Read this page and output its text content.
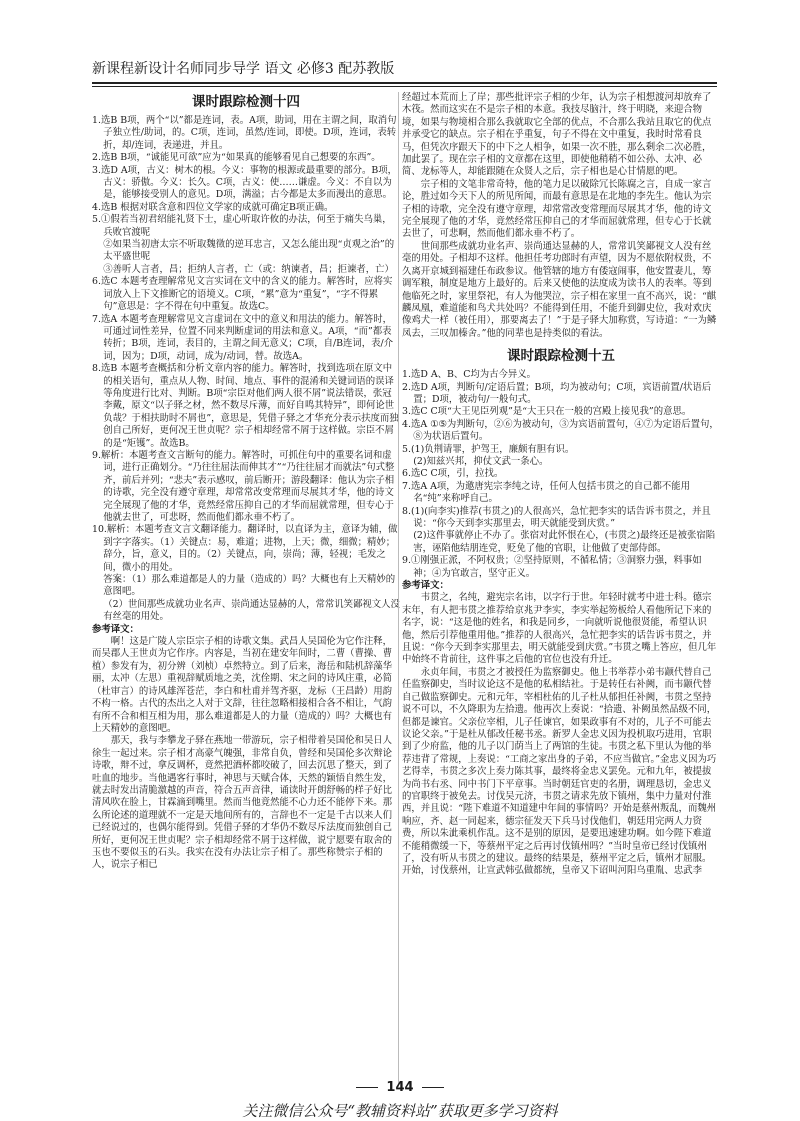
新课程新设计名师同步导学 语文 必修3 配苏教版
课时跟踪检测十四

1.选B B项，两个“以”都是连词，表。A项，助词，用在主谓之间，取消句子独立性/助词，的。C项，连词，虽然/连词，即使。D项，连词，表转折，却/连词，表递进，并且。

2.选B B项，“诚能见可欲”应为“如果真的能够看见自己想要的东西”。

3.选D A项，古义：树木的根。今义：事物的根源或最重要的部分。B项，古义：骄傲。今义：长久。C项，古义：使……谦虚。今义：不自以为是，能够接受别人的意见。D项，满溢；古今都是太多而漫出的意思。

4.选B 根据对联含意和四位文学家的成就可确定B项正确。

5.①假若当初君绍能礼贤下士，虚心听取许攸的办法，何至于痛失乌巢，兵败官渡呢

②如果当初唐太宗不听取魏徵的逆耳忠言，又怎么能出现“贞观之治”的太平盛世呢

③善听人言者，昌；拒纳人言者，亡（或：纳谏者，昌；拒谏者，亡）

6.选C 本题考查理解常见文言实词在文中的含义的能力。解答时，应将实词放入上下文推断它的语境义。C项，“累”意为“重复”，“字不得累句”意思是：字不得在句中重复。故选C。

7.选A 本题考查理解常见文言虚词在文中的意义和用法的能力。解答时，可通过词性差异，位置不同来判断虚词的用法和意义。A项，“而”都表转折；B项，连词，表目的，主谓之间无意义；C项，自/B连词，表/介词，因为；D项，动词，成为/动词，替。故选A。

8.选B 本题考查概括和分析文章内容的能力。解答时，找到选项在原文中的相关语句，重点从人物、时间、地点、事件的混淆和关键词语的误译等角度进行比对、判断。B项“宗臣对他们两人很不屑”说法错误，张冠李戴，原文“以子驿之材，然不数尽斥薄，而好自鸣其特异”，即何论世负哉？于相扶助时不屑也”，意思是，凭借子驿之才华充分表示扶度而独创自己所好，更何况王世贞呢？宗子相却经常不屑于这样做。宗臣不屑的是“矩镬”。故选B。

9.解析：本题考查文言断句的能力。解答时，可抓住句中的重要名词和虚词，进行正确划分。“乃往往屈法而伸其才”“乃往往屈才而就法”句式整齐，前后并列；“悲夫”表示感叹，前后断开；游段翻译：他认为宗子相的诗歌，完全没有遵守章理，却常常改变常理而尽展其才华，他的诗文完全展现了他的才华，竟然经常压抑自己的才华而屈就常理，但专心于他就去世了，可悲呀，然而他们都永垂不朽了。

10.解析：本题考查文言文翻译能力。翻译时，以直译为主，意译为辅，做到字字落实。（1）关键点：易，难道；进物，上天；微，细微；精妙；辞分，旨，意义，目的。（2）关键点，向，崇尚；薄，轻视；毛发之间，微小的用处。

答案：（1）那么难道都是人的力量（造成的）吗？大概也有上天精妙的意图吧。

（2）世间那些成就功业名声、崇尚通达显赫的人，常常讥笑鄙视文人没有丝毫的用处。

参考译文：

啊！这是广陵人宗臣宗子相的诗歌文集。武昌人吴国伦为它作注释，而吴郡人王世贞为它作序。内容是，当初在建安年间时，二曹（曹操、曹植）参发有为，初分辨（刘桢）卓然特立。到了后来，海岳和陆机辞藻华丽，太冲（左思）重视辞赋质地之美，沈佺期、宋之问的诗风庄重，必简（杜审言）的诗风雄浑苍茫，李白和杜甫并驾齐驱，龙标（王昌龄）用韵不构一格。古代的杰出之人对于文辞，往往忽略相接相合各不相让，气韵有所不合和相互相为用，那么难道都是人的力量（造成的）吗？大概也有上天精妙的意图吧。

那天，我与李攀龙子驿在燕地一带游玩，宗子相带着吴国伦和吴日人徐生一起过来。宗子相才高豪气魄强，非常自负，曾经和吴国伦多次辩论诗歌，辩不过，拿反调杯，竟然把酒杯都咬破了，回去沉思了整天，到了吐血的地步。当他遇客行事时，神思与天赋合体，天然的颖悟自然生发，就去时发出清脆激越的声音，符合五声音律，诵读时开朗舒畅的样子好比清风吹在脸上，甘霖滴到嘴里。然而当他竟然能不心力还不能停下来。那么所论述的道理就不一定是天地间所有的，言辞也不一定是千古以来人们已经说过的，也偶尔能得到。凭借子驿的才华仍不数尽斥法度而独创自己所好，更何况王世贞呢？宗子相却经常不屑于这样做，说宁愿要有取舍的玉也不要似玉的石头。我实在没有办法让宗子相了。那些称赞宗子相的人，说宗子相已

经超过本荒而上了岸；那些批评宗子相的少年，认为宗子相想渡河却放弃了木筏。然而这实在不是宗子相的本意。我技尽脑汁，终于明晓，来迎合物境，如果与物境相合那么我就取它全部的优点，不合那么我站且取它的优点并承受它的缺点。宗子相在乎重复，句子不得在文中重复，我时时常看良马，但凭次序跟天下的中下之人相争，如果一次不胜，那么剩余二次必胜，加此罢了。现在宗子相的文章都在这里，即使他稍稍不如公孙、太冲、必简、龙标等人，却能跟随在众贤人之后，宗子相也是心甘情愿的吧。

宗子相的文笔非常奇特，他的笔力足以破除冗长陈腐之言，自成一家言论，胜过如今天下人的所见所闻，而最有意思是在北地的李先生。他认为宗子相的诗歌，完全没有遵守章理，却常常改变常理而尽展其才华，他的诗文完全展现了他的才华，竟然经常压抑自己的才华而屈就常理，但专心于长就去世了，可悲啊，然而他们都永垂不朽了。

世间那些成就功业名声、崇尚通达显赫的人，常常讥笑鄙视文人没有丝毫的用处。子相却不这样。他担任考功郎时有声望，因为不愿依附权贵，不久离开京城到福建任布政参议。他管辖的地方有倭寇闹事，他安置妻儿，筹调军粮，制度是地方上最好的。后来又使他的法度成为读书人的表率。等到他临死之时，家里祭祀，有人为他哭泣，宗子相在家里一直不高兴，说：“麒麟凤凰，难道能和鸟犬共处吗？不能得到任用，不能升到御史位，我对欢庆像鸡犬一样（被任用），那要离去了！”于是子驿大加称赏，写诗道：“一为鳞凤去，三叹加榛舍。”他的同辈也是持类似的看法。

课时跟踪检测十五

1.选D A、B、C均为古今异义。

2.选D A项，判断句/定语后置；B项，均为被动句；C项，宾语前置/状语后置；D项，被动句/一般句式。

3.选C C项“大王见臣列观”是“大王只在一般的宫殿上接见我”的意思。

4.选A ①⑤为判断句，②⑥为被动句，③为宾语前置句，④⑦为定语后置句，⑧为状语后置句。

5.(1)负荆请罪，护驾王，廉颇有胆有识。

(2)知兹兴邦，抑仗文武一条心。

6.选C C项，引，拉找。

7.选A A项，为邀唐宪宗李纯之诗，任何人包括韦贯之的自己都不能用名“纯”来称呼自己。

8.(1)(向李实)推荐(韦贯之)的人很高兴，急忙把李实的话告诉韦贯之，并且说：“你今天到李实那里去，明天就能受到庆赏。”

(2)这件事就停止不办了。张宿对此怀恨在心，(韦贯之)最终还是被张宿陷害，诬陷他结朋连党，贬免了他的官职，让他做了吏部侍郎。

9.①刚强正派，不阿权贵；②坚持原则，不循私情；③洞察力强，料事如神；④为官敢言，坚守正义。

参考译文：

韦贯之，名纯，避宪宗名讳，以字行于世。年轻时就考中进士科。德宗末年，有人把韦贯之推荐给京兆尹李实，李实举起笏板给人看他所记下来的名字，说：“这是他的姓名，和我是同乡，一向就听说他很贤能，希望认识他，然后引荐他重用他。”推荐的人很高兴，急忙把李实的话告诉韦贯之，并且说：“你今天到李实那里去，明天就能受到庆赏。”韦贯之嘴上答应，但几年中始终不肯前往，这件事之后他的官位也没有升迁。

永贞年间，韦贯之才被授任为监察御史。他上书举荐小弟韦颛代替自己任监察御史，当时议论这不是他的私相结社。于是转任右补阙，而韦颛代替自己做监察御史。元和元年，宰相杜佑的儿子杜从郁担任补阙，韦贯之坚持说不可以，不久降职为左拾遗。他再次上奏说：“拾遗、补阙虽然品级不同，但都是谏官。父亲位宰相，儿子任谏官，如果政事有不对的，儿子不可能去议论父亲。”于是杜从郁改任秘书丞。新罗人金忠义因为投机取巧进用，官职到了少府监，他的儿子以门荫当上了两馆的生徒。韦贯之私下里认为他的举荐违背了常规，上奏说：“工商之家出身的子弟，不应当做官。”金忠义因为巧艺得幸，韦贯之多次上奏力陈其事，最终将金忠义罢免。元和九年，被提拔为尚书右丞、同中书门下平章事。当时朝廷官吏的名册，调理恳切，金忠义的官职终于被免去。讨伐吴元济，韦贯之请求先放下镇州，集中力量对付淮西，并且说：“陛下难道不知道建中年间的事情吗？开始是蔡州叛乱，而魏州响应，齐、赵一同起来，德宗征发天下兵马讨伐他们，朝廷用完两人力资费，所以朱泚乘机作乱。这不是别的原因，是要迅速建功啊。如今陛下难道不能稍微缓一下，等蔡州平定之后再讨伐镇州吗？”当时皇帝已经讨伐镇州了，没有听从韦贯之的建议。最终的结果是，蔡州平定之后，镇州才屈服。开始，讨伐蔡州，让宣武韩弘做都统，皇帝又下诏叫河阳乌重胤、忠武李

144
关注微信公众号“教辅资料站”获取更多学习资料
